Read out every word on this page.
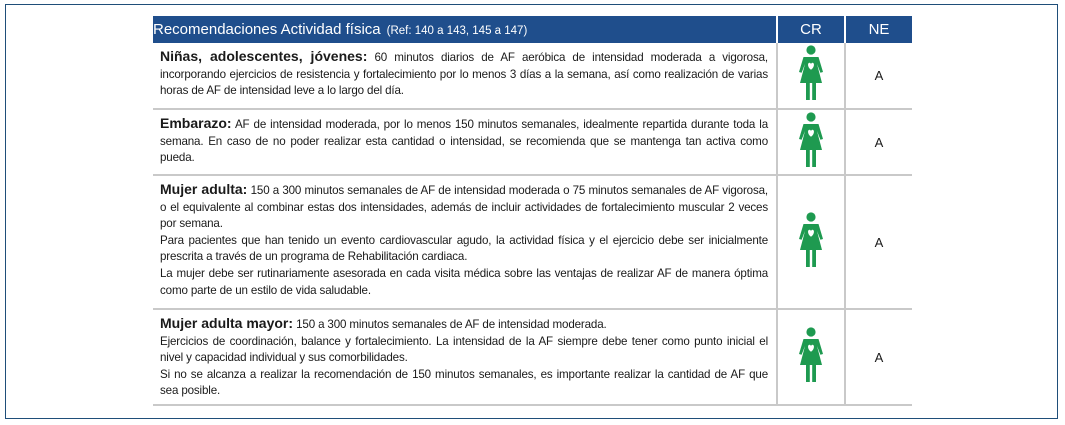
Recomendaciones Actividad física (Ref: 140 a 143, 145 a 147)	CR	NE

Niñas, adolescentes, jóvenes: 60 minutos diarios de AF aeróbica de intensidad moderada a vigorosa, incorporando ejercicios de resistencia y fortalecimiento por lo menos 3 días a la semana, así como realización de varias horas de AF de intensidad leve a lo largo del día.		A

Embarazo: AF de intensidad moderada, por lo menos 150 minutos semanales, idealmente repartida durante toda la semana. En caso de no poder realizar esta cantidad o intensidad, se recomienda que se mantenga tan activa como pueda.		A

Mujer adulta: 150 a 300 minutos semanales de AF de intensidad moderada o 75 minutos semanales de AF vigorosa, o el equivalente al combinar estas dos intensidades, además de incluir actividades de fortalecimiento muscular 2 veces por semana.

Para pacientes que han tenido un evento cardiovascular agudo, la actividad física y el ejercicio debe ser inicialmente prescrita a través de un programa de Rehabilitación cardiaca.

La mujer debe ser rutinariamente asesorada en cada visita médica sobre las ventajas de realizar AF de manera óptima como parte de un estilo de vida saludable.		A

Mujer adulta mayor: 150 a 300 minutos semanales de AF de intensidad moderada.

Ejercicios de coordinación, balance y fortalecimiento. La intensidad de la AF siempre debe tener como punto inicial el nivel y capacidad individual y sus comorbilidades.

Si no se alcanza a realizar la recomendación de 150 minutos semanales, es importante realizar la cantidad de AF que sea posible.		A
